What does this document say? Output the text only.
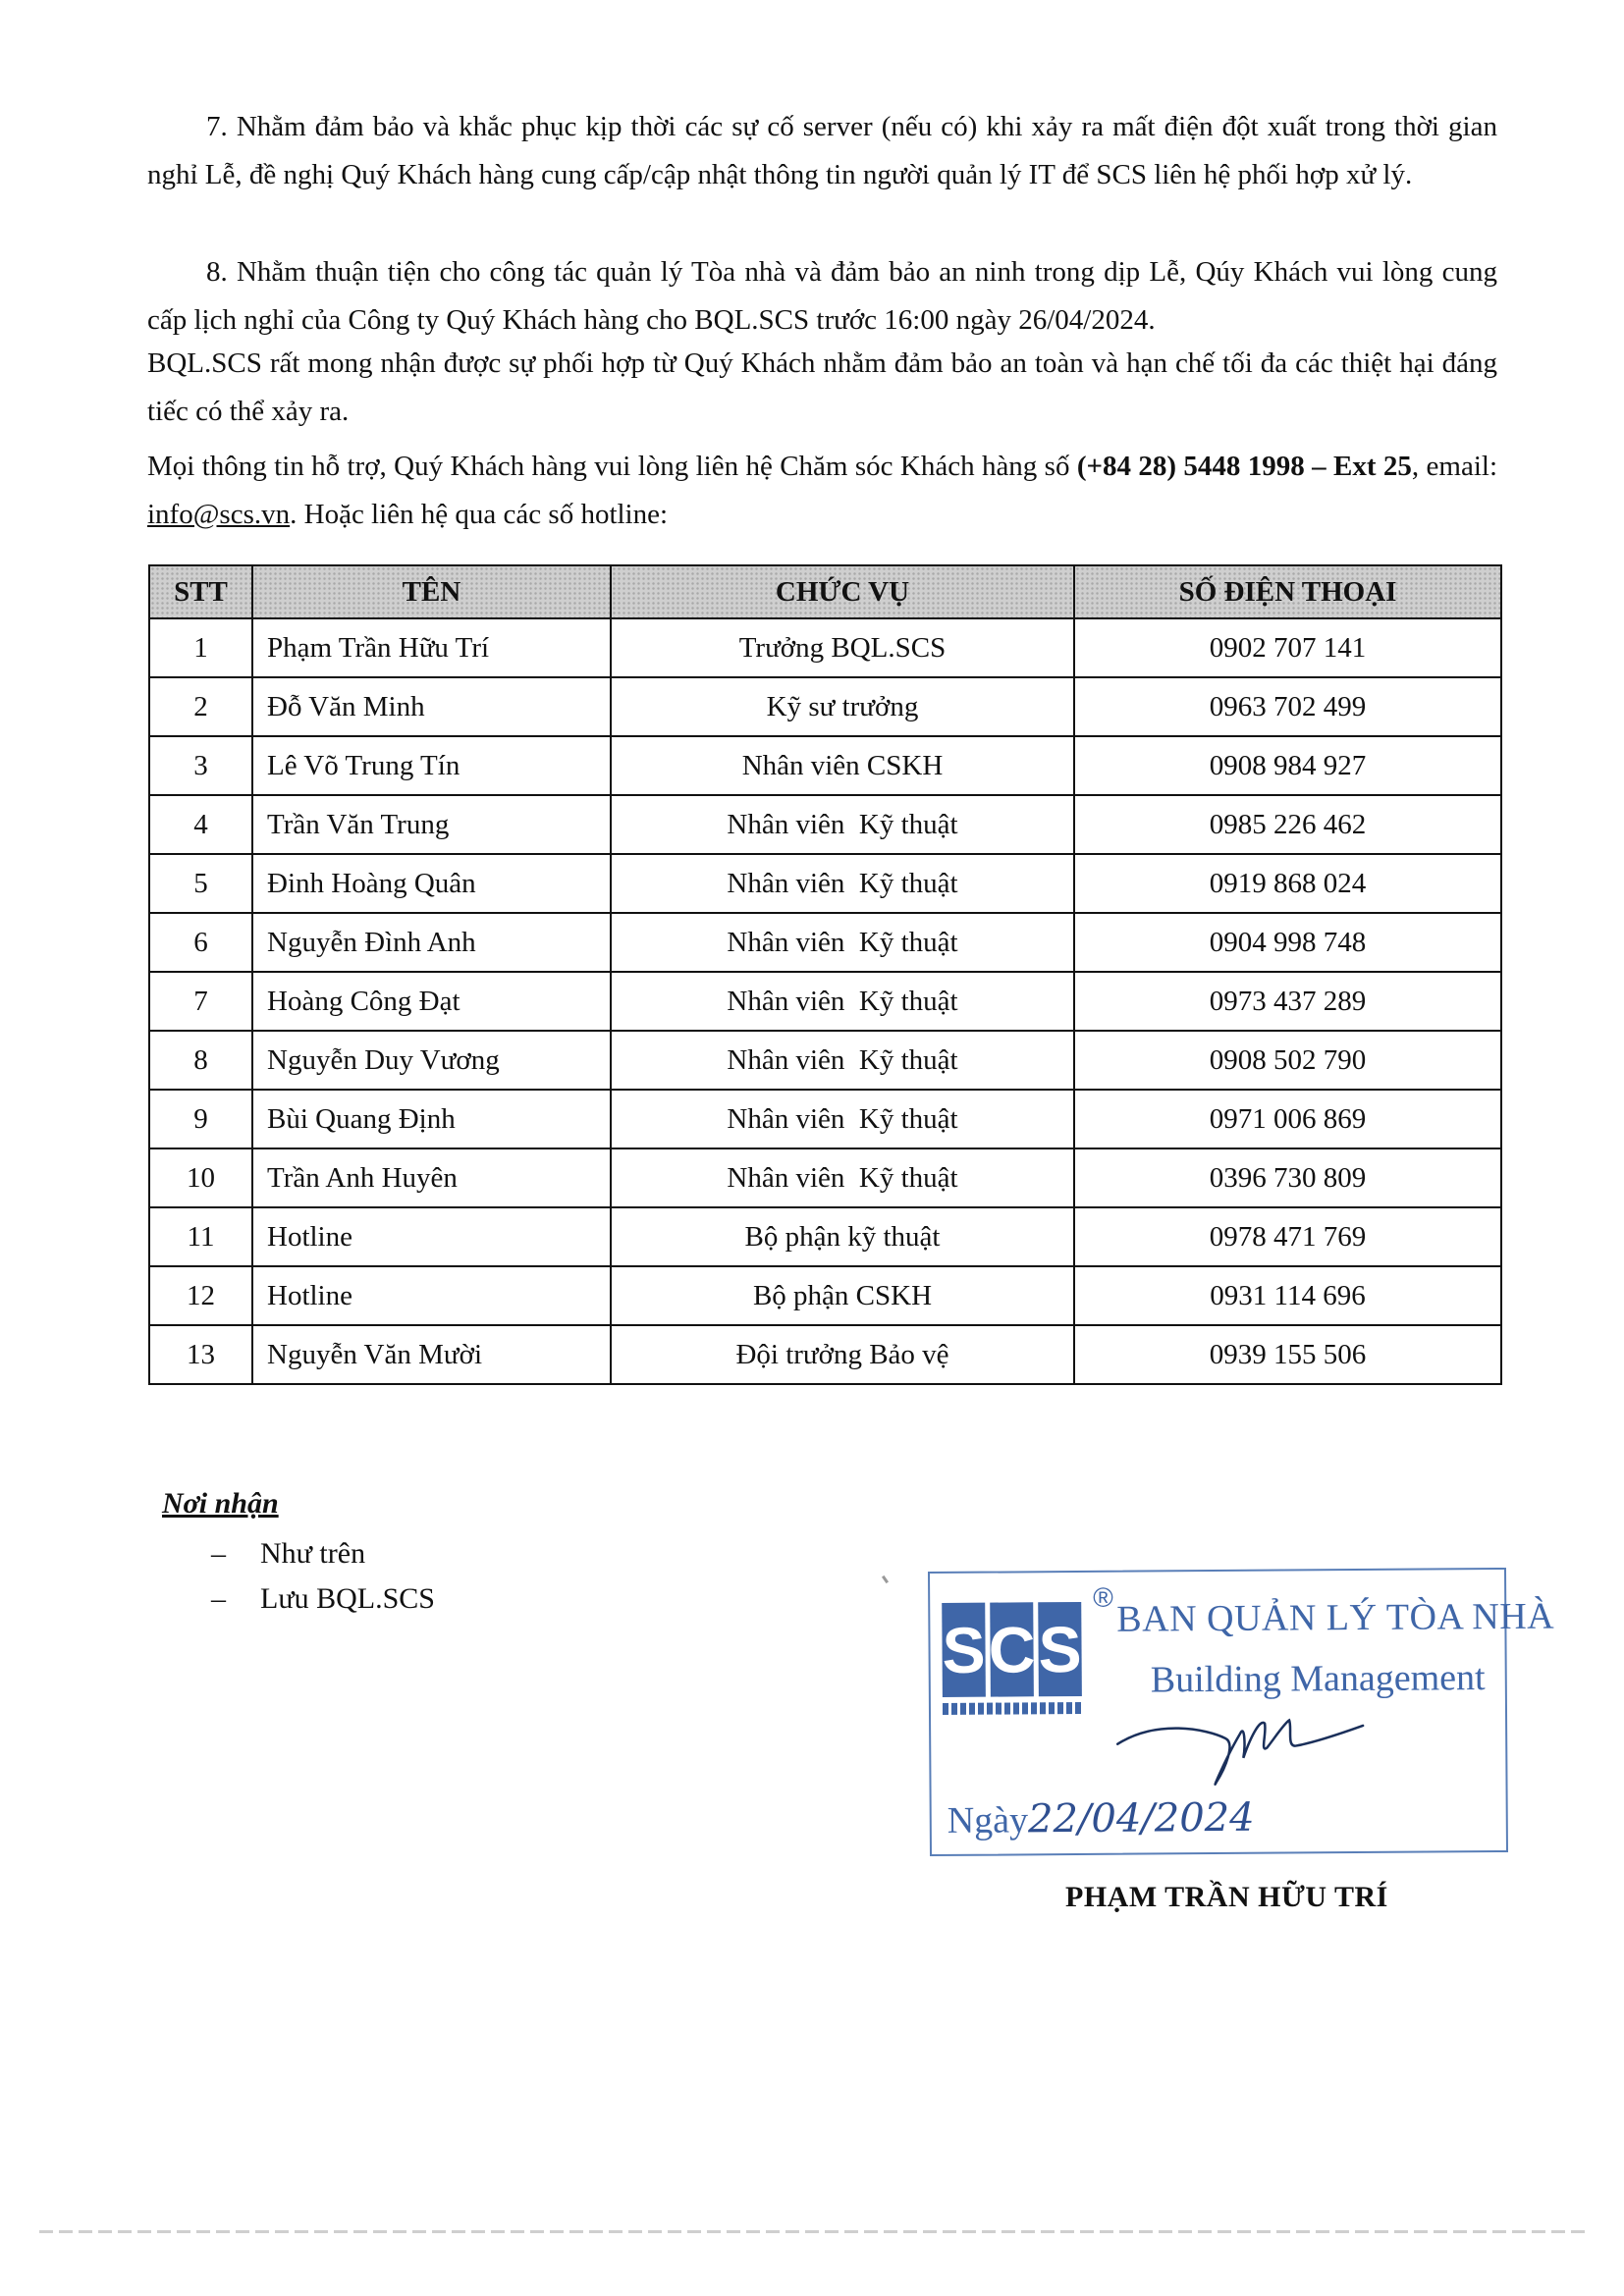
7. Nhằm đảm bảo và khắc phục kịp thời các sự cố server (nếu có) khi xảy ra mất điện đột xuất trong thời gian nghỉ Lễ, đề nghị Quý Khách hàng cung cấp/cập nhật thông tin người quản lý IT để SCS liên hệ phối hợp xử lý.
8. Nhằm thuận tiện cho công tác quản lý Tòa nhà và đảm bảo an ninh trong dịp Lễ, Qúy Khách vui lòng cung cấp lịch nghỉ của Công ty Quý Khách hàng cho BQL.SCS trước 16:00 ngày 26/04/2024.
BQL.SCS rất mong nhận được sự phối hợp từ Quý Khách nhằm đảm bảo an toàn và hạn chế tối đa các thiệt hại đáng tiếc có thể xảy ra.
Mọi thông tin hỗ trợ, Quý Khách hàng vui lòng liên hệ Chăm sóc Khách hàng số (+84 28) 5448 1998 – Ext 25, email: info@scs.vn. Hoặc liên hệ qua các số hotline:
STT	TÊN	CHỨC VỤ	SỐ ĐIỆN THOẠI
1	Phạm Trần Hữu Trí	Trưởng BQL.SCS	0902 707 141
2	Đỗ Văn Minh	Kỹ sư trưởng	0963 702 499
3	Lê Võ Trung Tín	Nhân viên CSKH	0908 984 927
4	Trần Văn Trung	Nhân viên  Kỹ thuật	0985 226 462
5	Đinh Hoàng Quân	Nhân viên  Kỹ thuật	0919 868 024
6	Nguyễn Đình Anh	Nhân viên  Kỹ thuật	0904 998 748
7	Hoàng Công Đạt	Nhân viên  Kỹ thuật	0973 437 289
8	Nguyễn Duy Vương	Nhân viên  Kỹ thuật	0908 502 790
9	Bùi Quang Định	Nhân viên  Kỹ thuật	0971 006 869
10	Trần Anh Huyên	Nhân viên  Kỹ thuật	0396 730 809
11	Hotline	Bộ phận kỹ thuật	0978 471 769
12	Hotline	Bộ phận CSKH	0931 114 696
13	Nguyễn Văn Mười	Đội trưởng Bảo vệ	0939 155 506
Nơi nhận
–	Như trên
–	Lưu BQL.SCS
S C S
® BAN QUẢN LÝ TÒA NHÀ
Building Management
Ngày22/04/2024
PHẠM TRẦN HỮU TRÍ
